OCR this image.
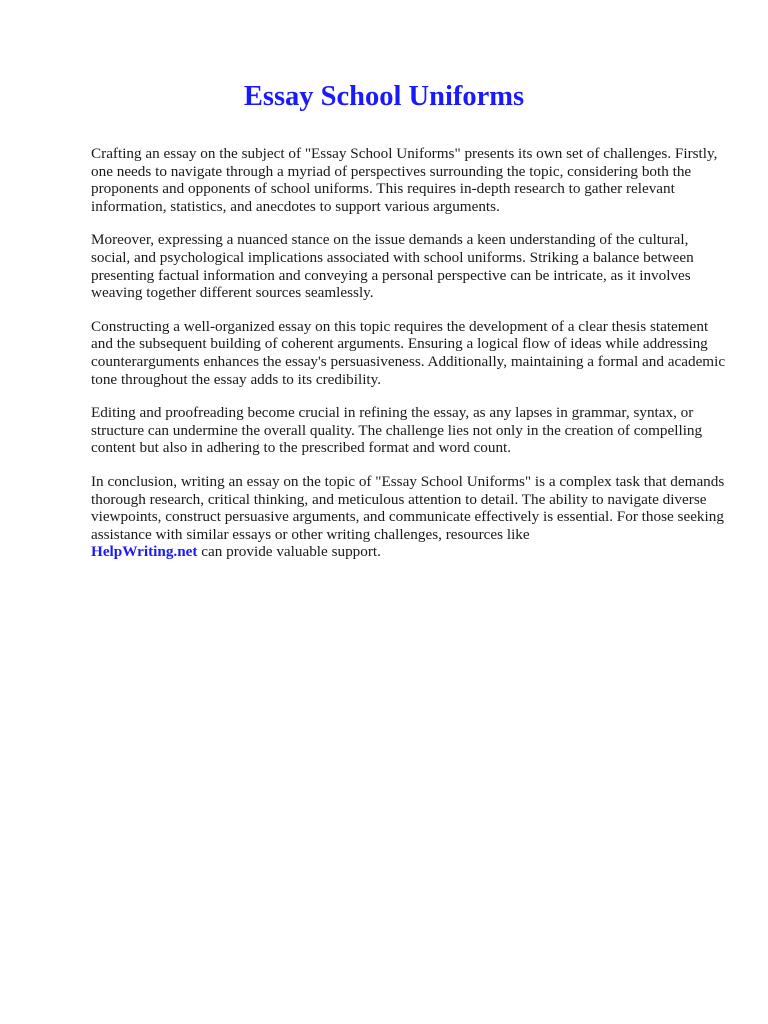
Essay School Uniforms

Crafting an essay on the subject of "Essay School Uniforms" presents its own set of challenges. Firstly, one needs to navigate through a myriad of perspectives surrounding the topic, considering both the proponents and opponents of school uniforms. This requires in-depth research to gather relevant information, statistics, and anecdotes to support various arguments.

Moreover, expressing a nuanced stance on the issue demands a keen understanding of the cultural, social, and psychological implications associated with school uniforms. Striking a balance between presenting factual information and conveying a personal perspective can be intricate, as it involves weaving together different sources seamlessly.

Constructing a well-organized essay on this topic requires the development of a clear thesis statement and the subsequent building of coherent arguments. Ensuring a logical flow of ideas while addressing counterarguments enhances the essay's persuasiveness. Additionally, maintaining a formal and academic tone throughout the essay adds to its credibility.

Editing and proofreading become crucial in refining the essay, as any lapses in grammar, syntax, or structure can undermine the overall quality. The challenge lies not only in the creation of compelling content but also in adhering to the prescribed format and word count.

In conclusion, writing an essay on the topic of "Essay School Uniforms" is a complex task that demands thorough research, critical thinking, and meticulous attention to detail. The ability to navigate diverse viewpoints, construct persuasive arguments, and communicate effectively is essential. For those seeking assistance with similar essays or other writing challenges, resources like
HelpWriting.net can provide valuable support.
